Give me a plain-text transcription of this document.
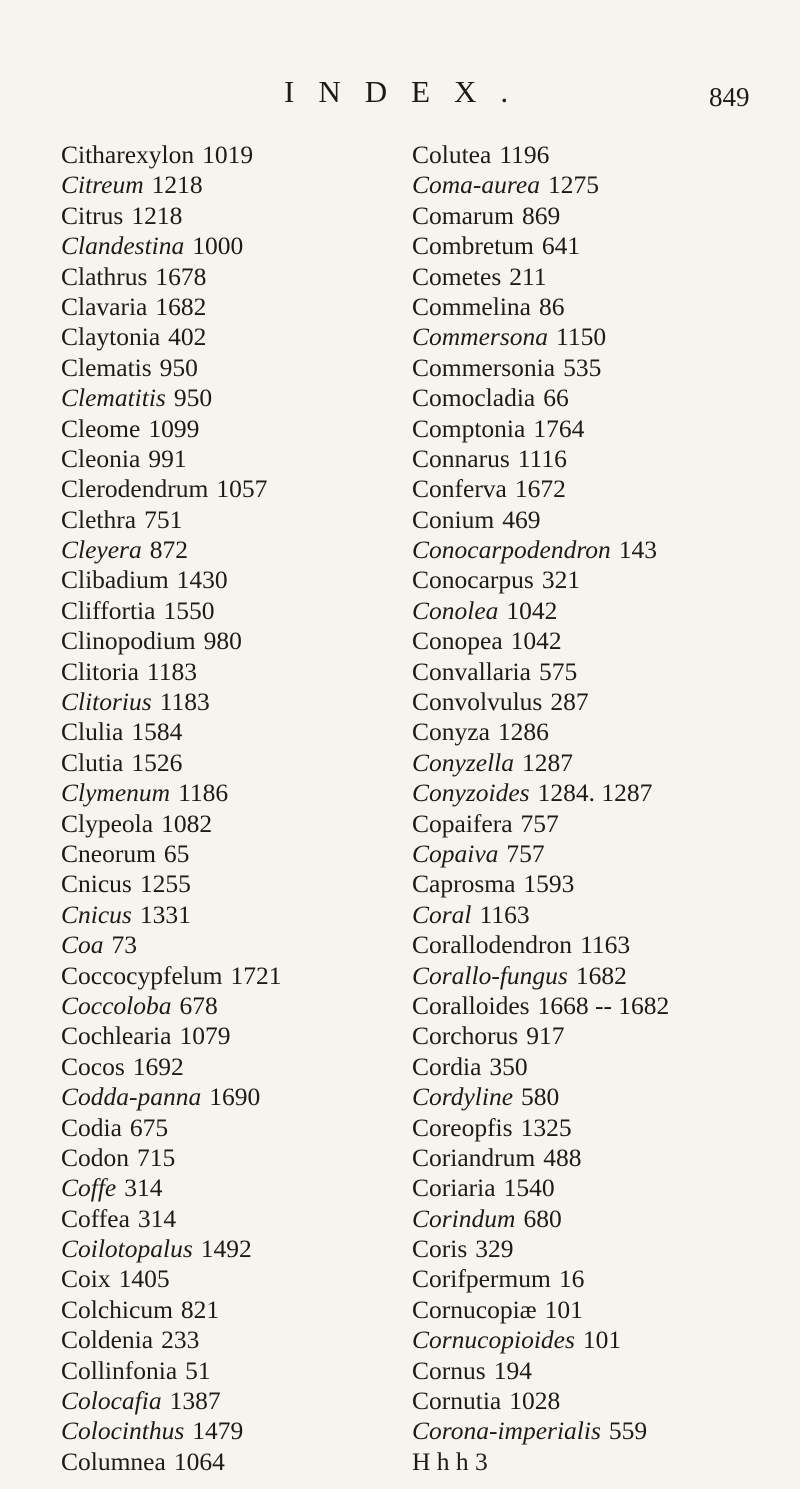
INDEX.	849
Citharexylon 1019
Citreum 1218
Citrus 1218
Clandestina 1000
Clathrus 1678
Clavaria 1682
Claytonia 402
Clematis 950
Clematitis 950
Cleome 1099
Cleonia 991
Clerodendrum 1057
Clethra 751
Cleyera 872
Clibadium 1430
Cliffortia 1550
Clinopodium 980
Clitoria 1183
Clitorius 1183
Clulia 1584
Clutia 1526
Clymenum 1186
Clypeola 1082
Cneorum 65
Cnicus 1255
Cnicus 1331
Coa 73
Coccocypfelum 1721
Coccoloba 678
Cochlearia 1079
Cocos 1692
Codda-panna 1690
Codia 675
Codon 715
Coffe 314
Coffea 314
Coilotopalus 1492
Coix 1405
Colchicum 821
Coldenia 233
Collinfonia 51
Colocafia 1387
Colocinthus 1479
Columnea 1064
Colutea 1196
Coma-aurea 1275
Comarum 869
Combretum 641
Cometes 211
Commelina 86
Commersona 1150
Commersonia 535
Comocladia 66
Comptonia 1764
Connarus 1116
Conferva 1672
Conium 469
Conocarpodendron 143
Conocarpus 321
Conolea 1042
Conopea 1042
Convallaria 575
Convolvulus 287
Conyza 1286
Conyzella 1287
Conyzoides 1284. 1287
Copaifera 757
Copaiva 757
Caprosma 1593
Coral 1163
Corallodendron 1163
Corallo-fungus 1682
Coralloides 1668 -- 1682
Corchorus 917
Cordia 350
Cordyline 580
Coreopfis 1325
Coriandrum 488
Coriaria 1540
Corindum 680
Coris 329
Corifpermum 16
Cornucopiæ 101
Cornucopioides 101
Cornus 194
Cornutia 1028
Corona-imperialis 559
H h h 3
